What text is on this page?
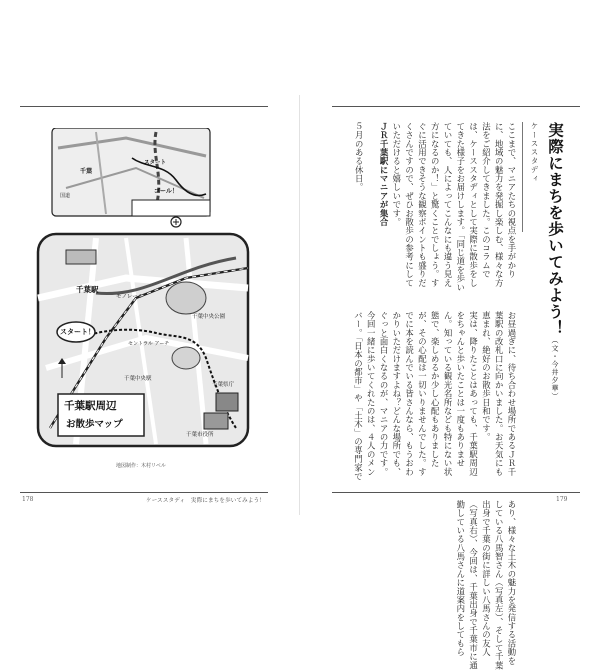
千葉
スタート
ゴール！
国道
千葉駅周辺
お散歩マップ
スタート！
千葉駅
モノレール
千葉中央公園
セントラル アーチ
千葉中央駅
千葉県庁
千葉市役所
地図制作：木村リベル
178	ケーススタディ　実際にまちを歩いてみよう！
実際にまちを歩いてみよう！（文・今井夕華）
ケーススタディ

ここまで、マニアたちの視点を手がかりに、地域の魅力を発掘し楽しむ、様々な方法をご紹介してきました。このコラムでは、ケーススタディとして実際に散歩をしてきた様子をお届けします。「同じ道を歩いていても、人によってこんなにも違う見え方になるのか！」と驚くことでしょう。すぐに活用できそうな観察ポイントも盛りだくさんですので、ぜひお散歩の参考にしていただけると嬉しいです。

ＪＲ千葉駅にマニアが集合

５月のある休日。

お昼過ぎに、待ち合わせ場所であるＪＲ千葉駅の改札口に向かいました。お天気にも恵まれ、絶好のお散歩日和です。

実は、降りたことはあっても、千葉駅周辺をちゃんと歩いたことは一度もありません。知っている観光名所なども特にない状態で、楽しめるか少し心配もありましたが、その心配は一切いりませんでした。すでに本を読んでいる皆さんなら、もうおわかりいただけますよね？どんな場所でも、ぐっと面白くなるのが、マニアの力です。

今回一緒に歩いてくれたのは、４人のメンバー。「日本の都市」や「土木」の専門家であり、様々な土木の魅力を発信する活動をしている八馬智さん（写真左）、そして千葉出身で千葉の街に詳しい八馬さんの友人（写真右）、今回は、千葉出身で千葉市に通勤している八馬さんに道案内をしてもら

179
